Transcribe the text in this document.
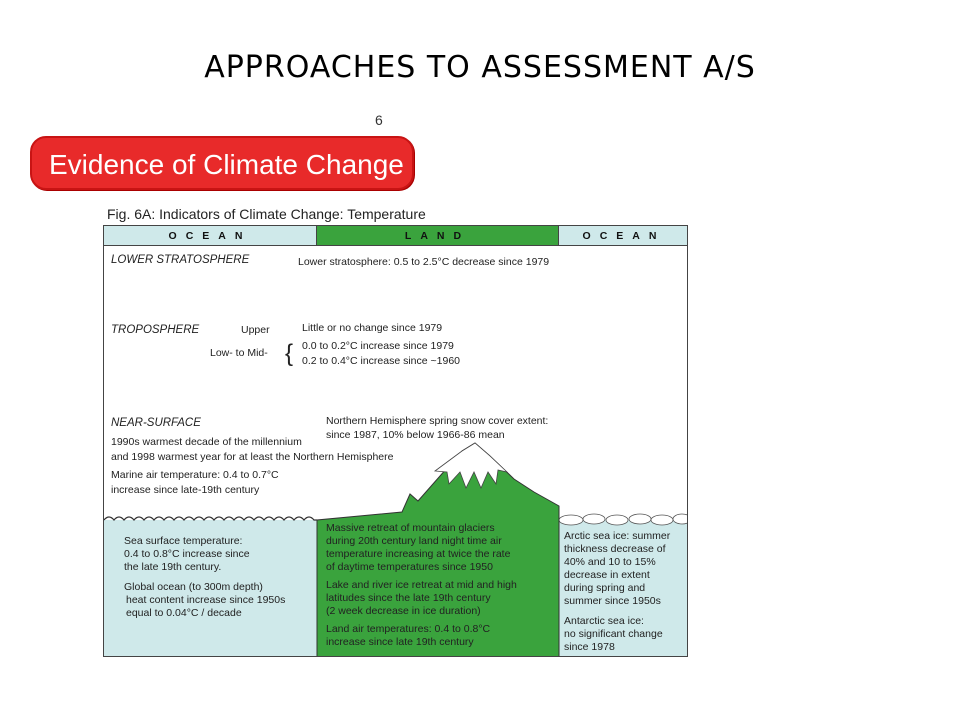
APPROACHES TO ASSESSMENT A/S
6
Evidence of Climate Change
Fig. 6A: Indicators of Climate Change: Temperature
OCEAN	LAND	OCEAN
LOWER STRATOSPHERE	Lower stratosphere: 0.5 to 2.5°C decrease since 1979
TROPOSPHERE	Upper	Little or no change since 1979
Low- to Mid- { 0.0 to 0.2°C increase since 1979
0.2 to 0.4°C increase since ~1960
NEAR-SURFACE
1990s warmest decade of the millennium
and 1998 warmest year for at least the Northern Hemisphere
Marine air temperature: 0.4 to 0.7°C
increase since late-19th century
Northern Hemisphere spring snow cover extent:
since 1987, 10% below 1966-86 mean
Sea surface temperature:
0.4 to 0.8°C increase since
the late 19th century.
Global ocean (to 300m depth)
heat content increase since 1950s
equal to 0.04°C / decade
Massive retreat of mountain glaciers
during 20th century land night time air
temperature increasing at twice the rate
of daytime temperatures since 1950
Lake and river ice retreat at mid and high
latitudes since the late 19th century
(2 week decrease in ice duration)
Land air temperatures: 0.4 to 0.8°C
increase since late 19th century
Arctic sea ice: summer
thickness decrease of
40% and 10 to 15%
decrease in extent
during spring and
summer since 1950s
Antarctic sea ice:
no significant change
since 1978
